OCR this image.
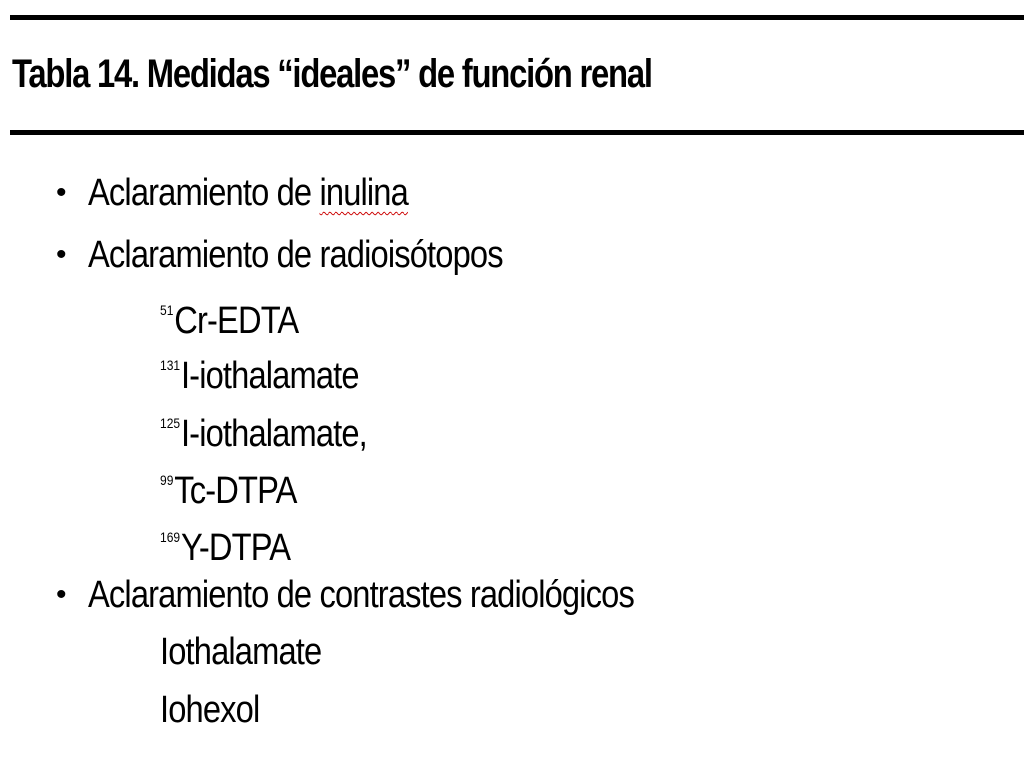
Tabla 14. Medidas “ideales” de función renal
• Aclaramiento de inulina
• Aclaramiento de radioisótopos
$^{51}$Cr-EDTA
$^{131}$I-iothalamate
$^{125}$I-iothalamate,
$^{99}$Tc-DTPA
$^{169}$Y-DTPA
• Aclaramiento de contrastes radiológicos
Iothalamate
Iohexol
